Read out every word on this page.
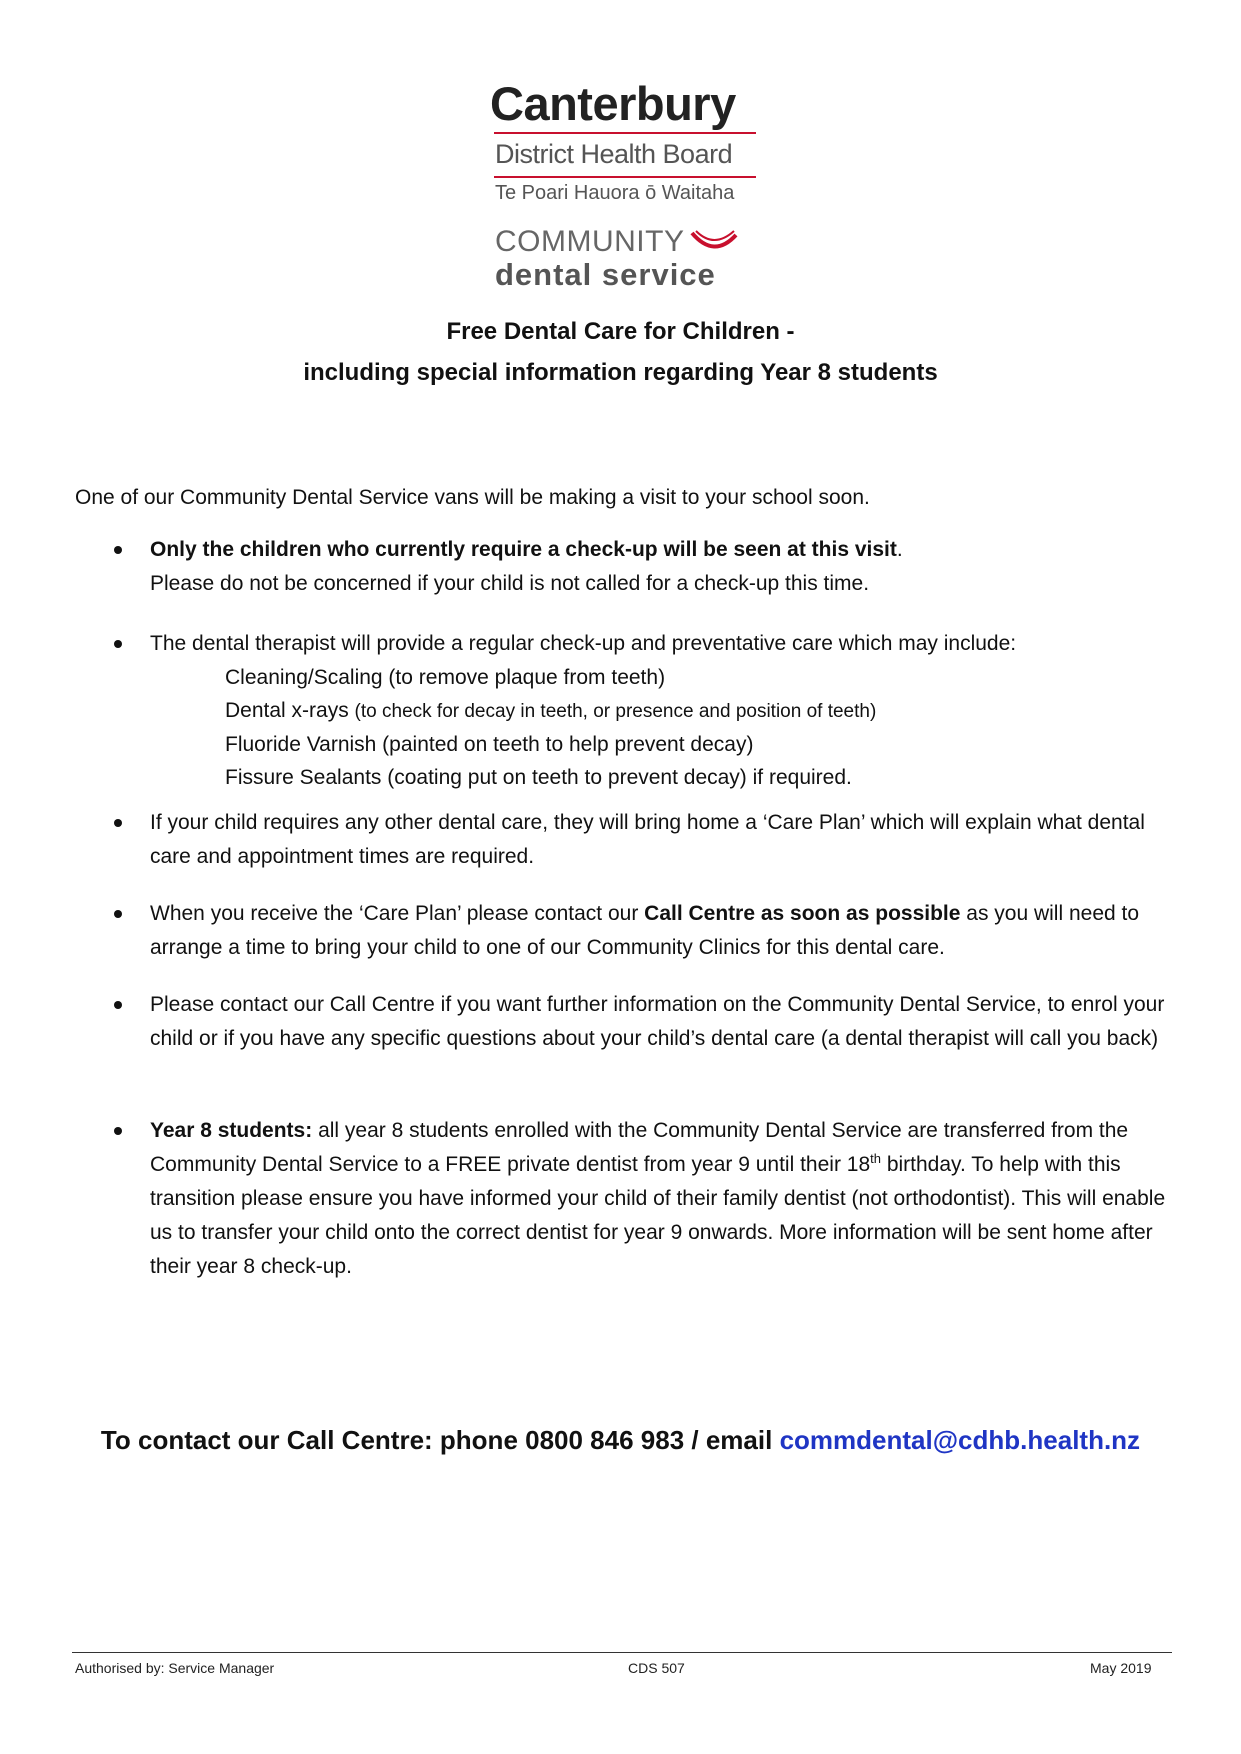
Canterbury
District Health Board
Te Poari Hauora ō Waitaha
COMMUNITY
dental service
Free Dental Care for Children -
including special information regarding Year 8 students
One of our Community Dental Service vans will be making a visit to your school soon.
Only the children who currently require a check-up will be seen at this visit.
Please do not be concerned if your child is not called for a check-up this time.
The dental therapist will provide a regular check-up and preventative care which may include:
Cleaning/Scaling (to remove plaque from teeth)
Dental x-rays (to check for decay in teeth, or presence and position of teeth)
Fluoride Varnish (painted on teeth to help prevent decay)
Fissure Sealants (coating put on teeth to prevent decay) if required.
If your child requires any other dental care, they will bring home a ‘Care Plan’ which will explain what dental care and appointment times are required.
When you receive the ‘Care Plan’ please contact our Call Centre as soon as possible as you will need to arrange a time to bring your child to one of our Community Clinics for this dental care.
Please contact our Call Centre if you want further information on the Community Dental Service, to enrol your child or if you have any specific questions about your child’s dental care (a dental therapist will call you back)
Year 8 students: all year 8 students enrolled with the Community Dental Service are transferred from the Community Dental Service to a FREE private dentist from year 9 until their 18th birthday. To help with this transition please ensure you have informed your child of their family dentist (not orthodontist). This will enable us to transfer your child onto the correct dentist for year 9 onwards. More information will be sent home after their year 8 check-up.
To contact our Call Centre: phone 0800 846 983 / email commdental@cdhb.health.nz
Authorised by: Service Manager	CDS 507	May 2019
